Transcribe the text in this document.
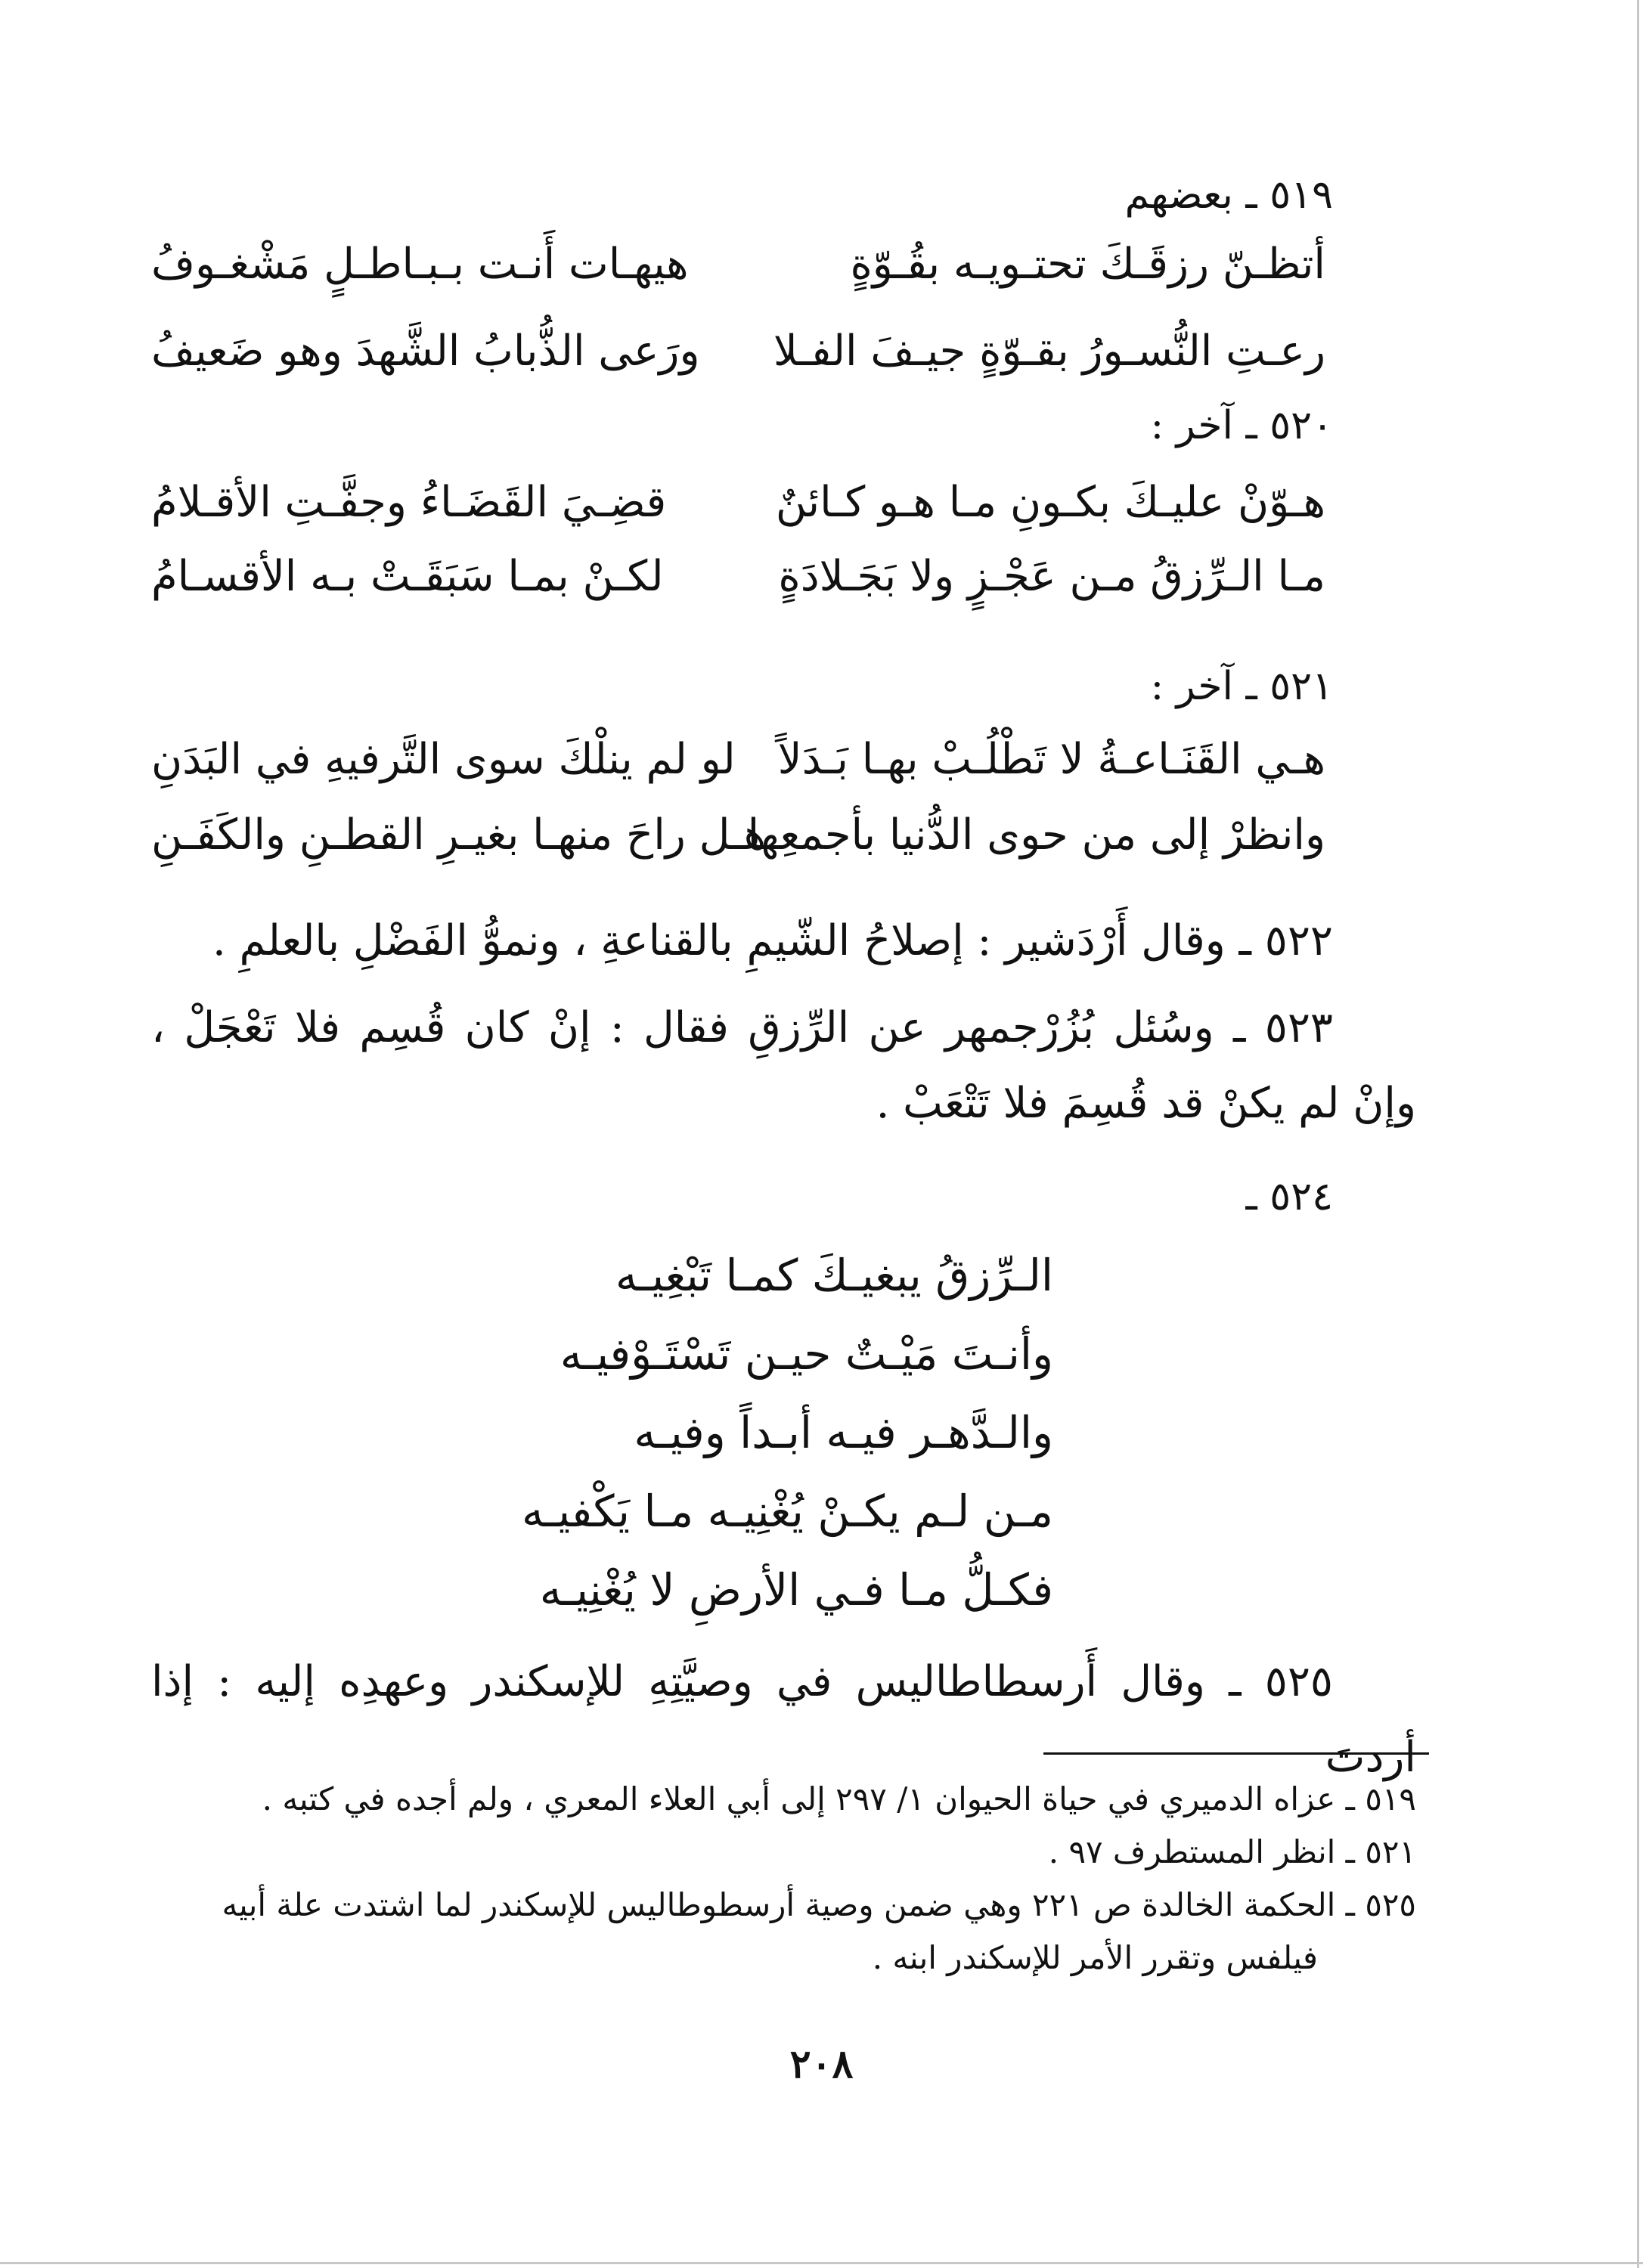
٥١٩ ـ بعضهم
أتظـنّ رزقَـكَ تحتـويـه بقُـوّةٍ
هيهـات أَنـت بـبـاطـلٍ مَشْغـوفُ
رعـتِ النُّسـورُ بقـوّةٍ جيـفَ الفـلا
ورَعى الذُّبابُ الشَّهدَ وهو ضَعيفُ
٥٢٠ ـ آخر :
هـوّنْ عليـكَ بكـونِ مـا هـو كـائنٌ
قضِـيَ القَضَـاءُ وجفَّـتِ الأقـلامُ
مـا الـرِّزقُ مـن عَجْـزٍ ولا بَجَـلادَةٍ
لكـنْ بمـا سَبَقَـتْ بـه الأقسـامُ
٥٢١ ـ آخر :
هـي القَنَـاعـةُ لا تَطْلُـبْ بهـا بَـدَلاً
لو لم ينلْكَ سوى التَّرفيهِ في البَدَنِ
وانظرْ إلى من حوى الدُّنيا بأجمعِها
هـل راحَ منهـا بغيـرِ القطـنِ والكَفَـنِ
٥٢٢ ـ وقال أَرْدَشير : إصلاحُ الشّيمِ بالقناعةِ ، ونموُّ الفَضْلِ بالعلمِ .
٥٢٣ ـ وسُئل بُزُرْجمهر عن الرِّزقِ فقال : إنْ كان قُسِم فلا تَعْجَلْ ، وإنْ لم يكنْ قد قُسِمَ فلا تَتْعَبْ .
٥٢٤ ـ
الـرِّزقُ يبغيـكَ كمـا تَبْغِيـه
وأنـتَ مَيْـتٌ حيـن تَسْتَـوْفيـه
والـدَّهـر فيـه أبـداً وفيـه
مـن لـم يكـنْ يُغْنِيـه مـا يَكْفيـه
فكـلُّ مـا فـي الأرضِ لا يُغْنِيـه
٥٢٥ ـ وقال أَرسطاطاليس في وصيَّتِهِ للإسكندر وعهدِه إليه : إذا أردتَ
٥١٩ ـ عزاه الدميري في حياة الحيوان ١/ ٢٩٧ إلى أبي العلاء المعري ، ولم أجده في كتبه .
٥٢١ ـ انظر المستطرف ٩٧ .
٥٢٥ ـ الحكمة الخالدة ص ٢٢١ وهي ضمن وصية أرسطوطاليس للإسكندر لما اشتدت علة أبيه
فيلفس وتقرر الأمر للإسكندر ابنه .
٢٠٨
